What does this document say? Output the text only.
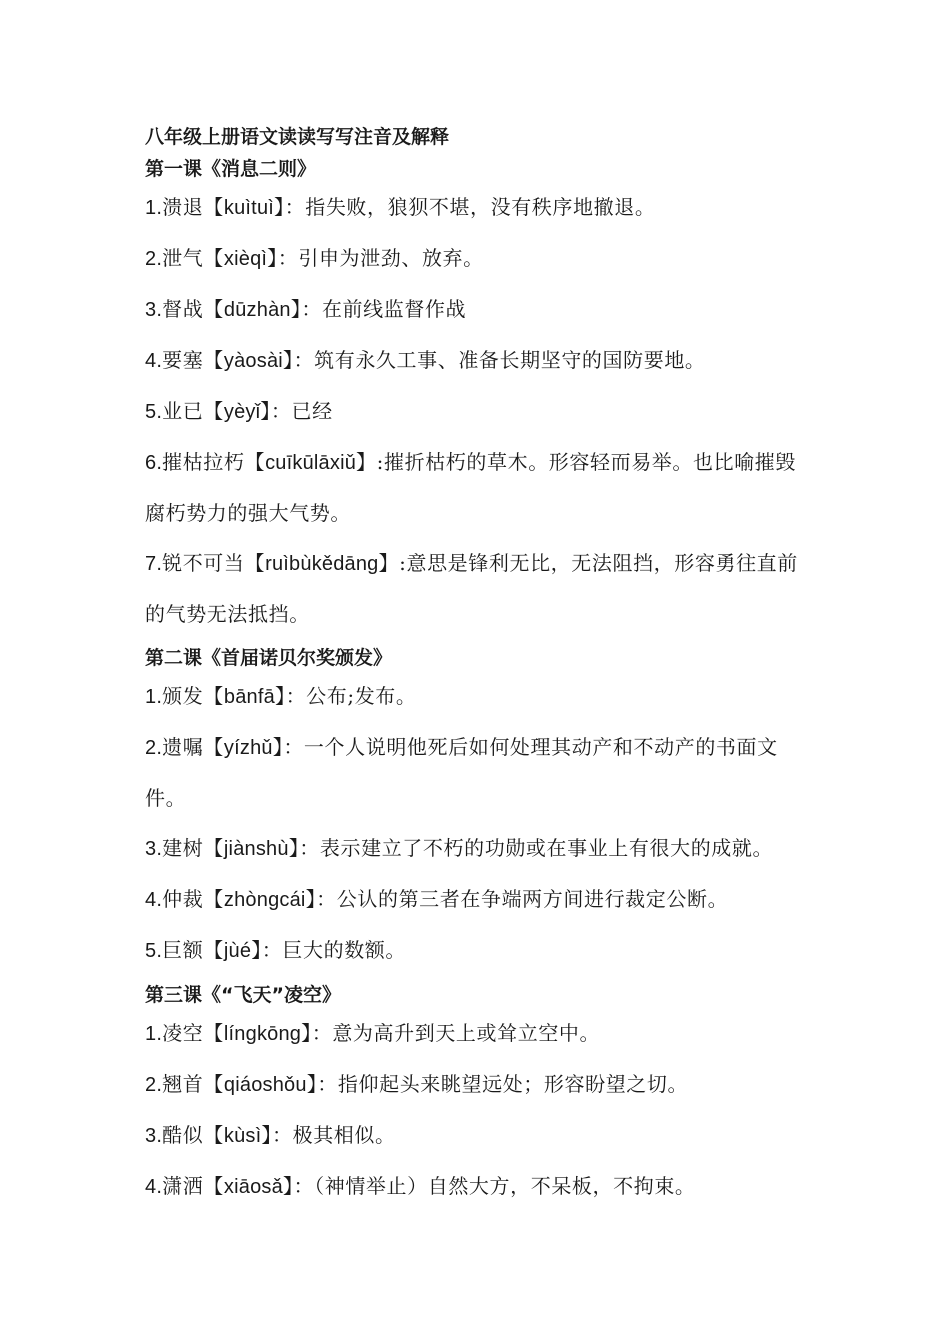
八年级上册语文读读写写注音及解释
第一课《消息二则》
1.溃退【kuìtuì】：指失败，狼狈不堪，没有秩序地撤退。
2.泄气【xièqì】：引申为泄劲、放弃。
3.督战【dūzhàn】：在前线监督作战
4.要塞【yàosài】：筑有永久工事、准备长期坚守的国防要地。
5.业已【yèyǐ】：已经
6.摧枯拉朽【cuīkūlāxiǔ】:摧折枯朽的草木。形容轻而易举。也比喻摧毁腐朽势力的强大气势。
7.锐不可当【ruìbùkědāng】:意思是锋利无比，无法阻挡，形容勇往直前的气势无法抵挡。
第二课《首届诺贝尔奖颁发》
1.颁发【bānfā】：公布;发布。
2.遗嘱【yízhǔ】：一个人说明他死后如何处理其动产和不动产的书面文件。
3.建树【jiànshù】：表示建立了不朽的功勋或在事业上有很大的成就。
4.仲裁【zhòngcái】：公认的第三者在争端两方间进行裁定公断。
5.巨额【jùé】：巨大的数额。
第三课《“飞天”凌空》
1.凌空【língkōng】：意为高升到天上或耸立空中。
2.翘首【qiáoshǒu】：指仰起头来眺望远处；形容盼望之切。
3.酷似【kùsì】：极其相似。
4.潇洒【xiāosǎ】：（神情举止）自然大方，不呆板，不拘束。
